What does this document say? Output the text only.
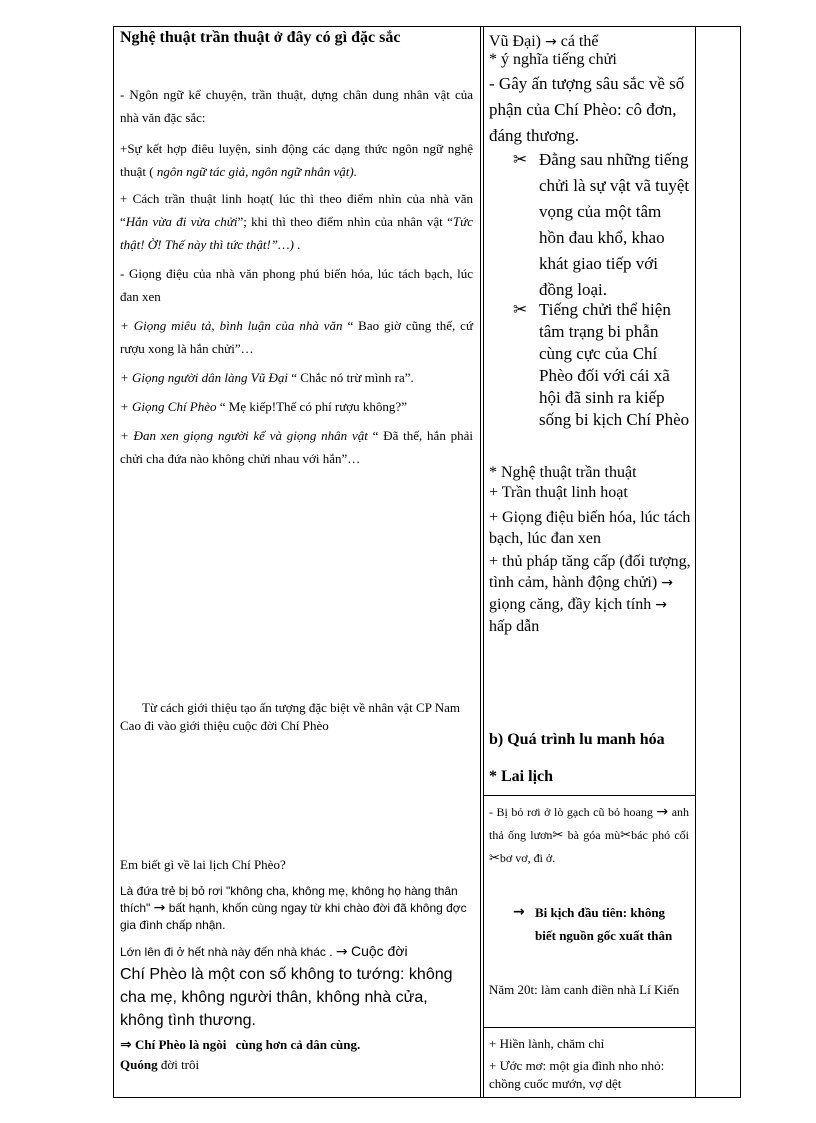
Nghệ thuật trần thuật ở đây có gì đặc sắc
- Ngôn ngữ kể chuyện, trần thuật, dựng chân dung nhân vật của nhà văn đặc sắc:
+Sự kết hợp điêu luyện, sinh động các dạng thức ngôn ngữ nghệ thuật ( ngôn ngữ tác giả, ngôn ngữ nhân vật).
+ Cách trần thuật linh hoạt( lúc thì theo điểm nhìn của nhà văn “Hắn vừa đi vừa chửi”; khi thì theo điểm nhìn của nhân vật “Tức thật! Ờ! Thế này thì tức thật!”…) .
- Giọng điệu của nhà văn phong phú biến hóa, lúc tách bạch, lúc đan xen
+ Giọng miêu tả, bình luận của nhà văn “ Bao giờ cũng thế, cứ rượu xong là hắn chửi”…
+ Giọng người dân làng Vũ Đại “ Chắc nó trừ mình ra”.
+ Giọng Chí Phèo “ Mẹ kiếp!Thế có phí rượu không?”
+ Đan xen giọng người kể và giọng nhân vật “ Đã thế, hắn phải chửi cha đứa nào không chửi nhau với hắn”…
Từ cách giới thiệu tạo ấn tượng đặc biệt về nhân vật CP Nam Cao đi vào giới thiệu cuộc đời Chí Phèo
Em biết gì về lai lịch Chí Phèo?
Là đứa trẻ bị bỏ rơi "không cha, không mẹ, không họ hàng thân thích" → bất hạnh, khốn cùng ngay từ khi chào đời đã không đợc gia đình chấp nhận.
Lớn lên đi ở hết nhà này đến nhà khác . → Cuộc đời
Chí Phèo là một con số không to tướng: không cha mẹ, không người thân, không nhà cửa, không tình thương.
⇒ Chí Phèo là ngòi cùng hơn cả dân cùng.
Quóng đời trôi
Vũ Đại) → cá thể
* ý nghĩa tiếng chửi
- Gây ấn tượng sâu sắc về số phận của Chí Phèo: cô đơn, đáng thương.
✂ Đằng sau những tiếng chửi là sự vật vã tuyệt vọng của một tâm hồn đau khổ, khao khát giao tiếp với đồng loại.
✂ Tiếng chửi thể hiện tâm trạng bi phẫn cùng cực của Chí Phèo đối với cái xã hội đã sinh ra kiếp sống bi kịch Chí Phèo
* Nghệ thuật trần thuật
+ Trần thuật linh hoạt
+ Giọng điệu biến hóa, lúc tách bạch, lúc đan xen
+ thủ pháp tăng cấp (đối tượng, tình cảm, hành động chửi) → giọng căng, đầy kịch tính → hấp dẫn
b) Quá trình lu manh hóa
* Lai lịch
- Bị bỏ rơi ở lò gạch cũ bỏ hoang → anh thả ống lươn✂ bà góa mù✂bác phó cối✂bơ vơ, đi ở.
→ Bi kịch đầu tiên: không biết nguồn gốc xuất thân
Năm 20t: làm canh điền nhà Lí Kiến
+ Hiền lành, chăm chỉ
+ Ước mơ: một gia đình nho nhỏ: chồng cuốc mướn, vợ dệt
